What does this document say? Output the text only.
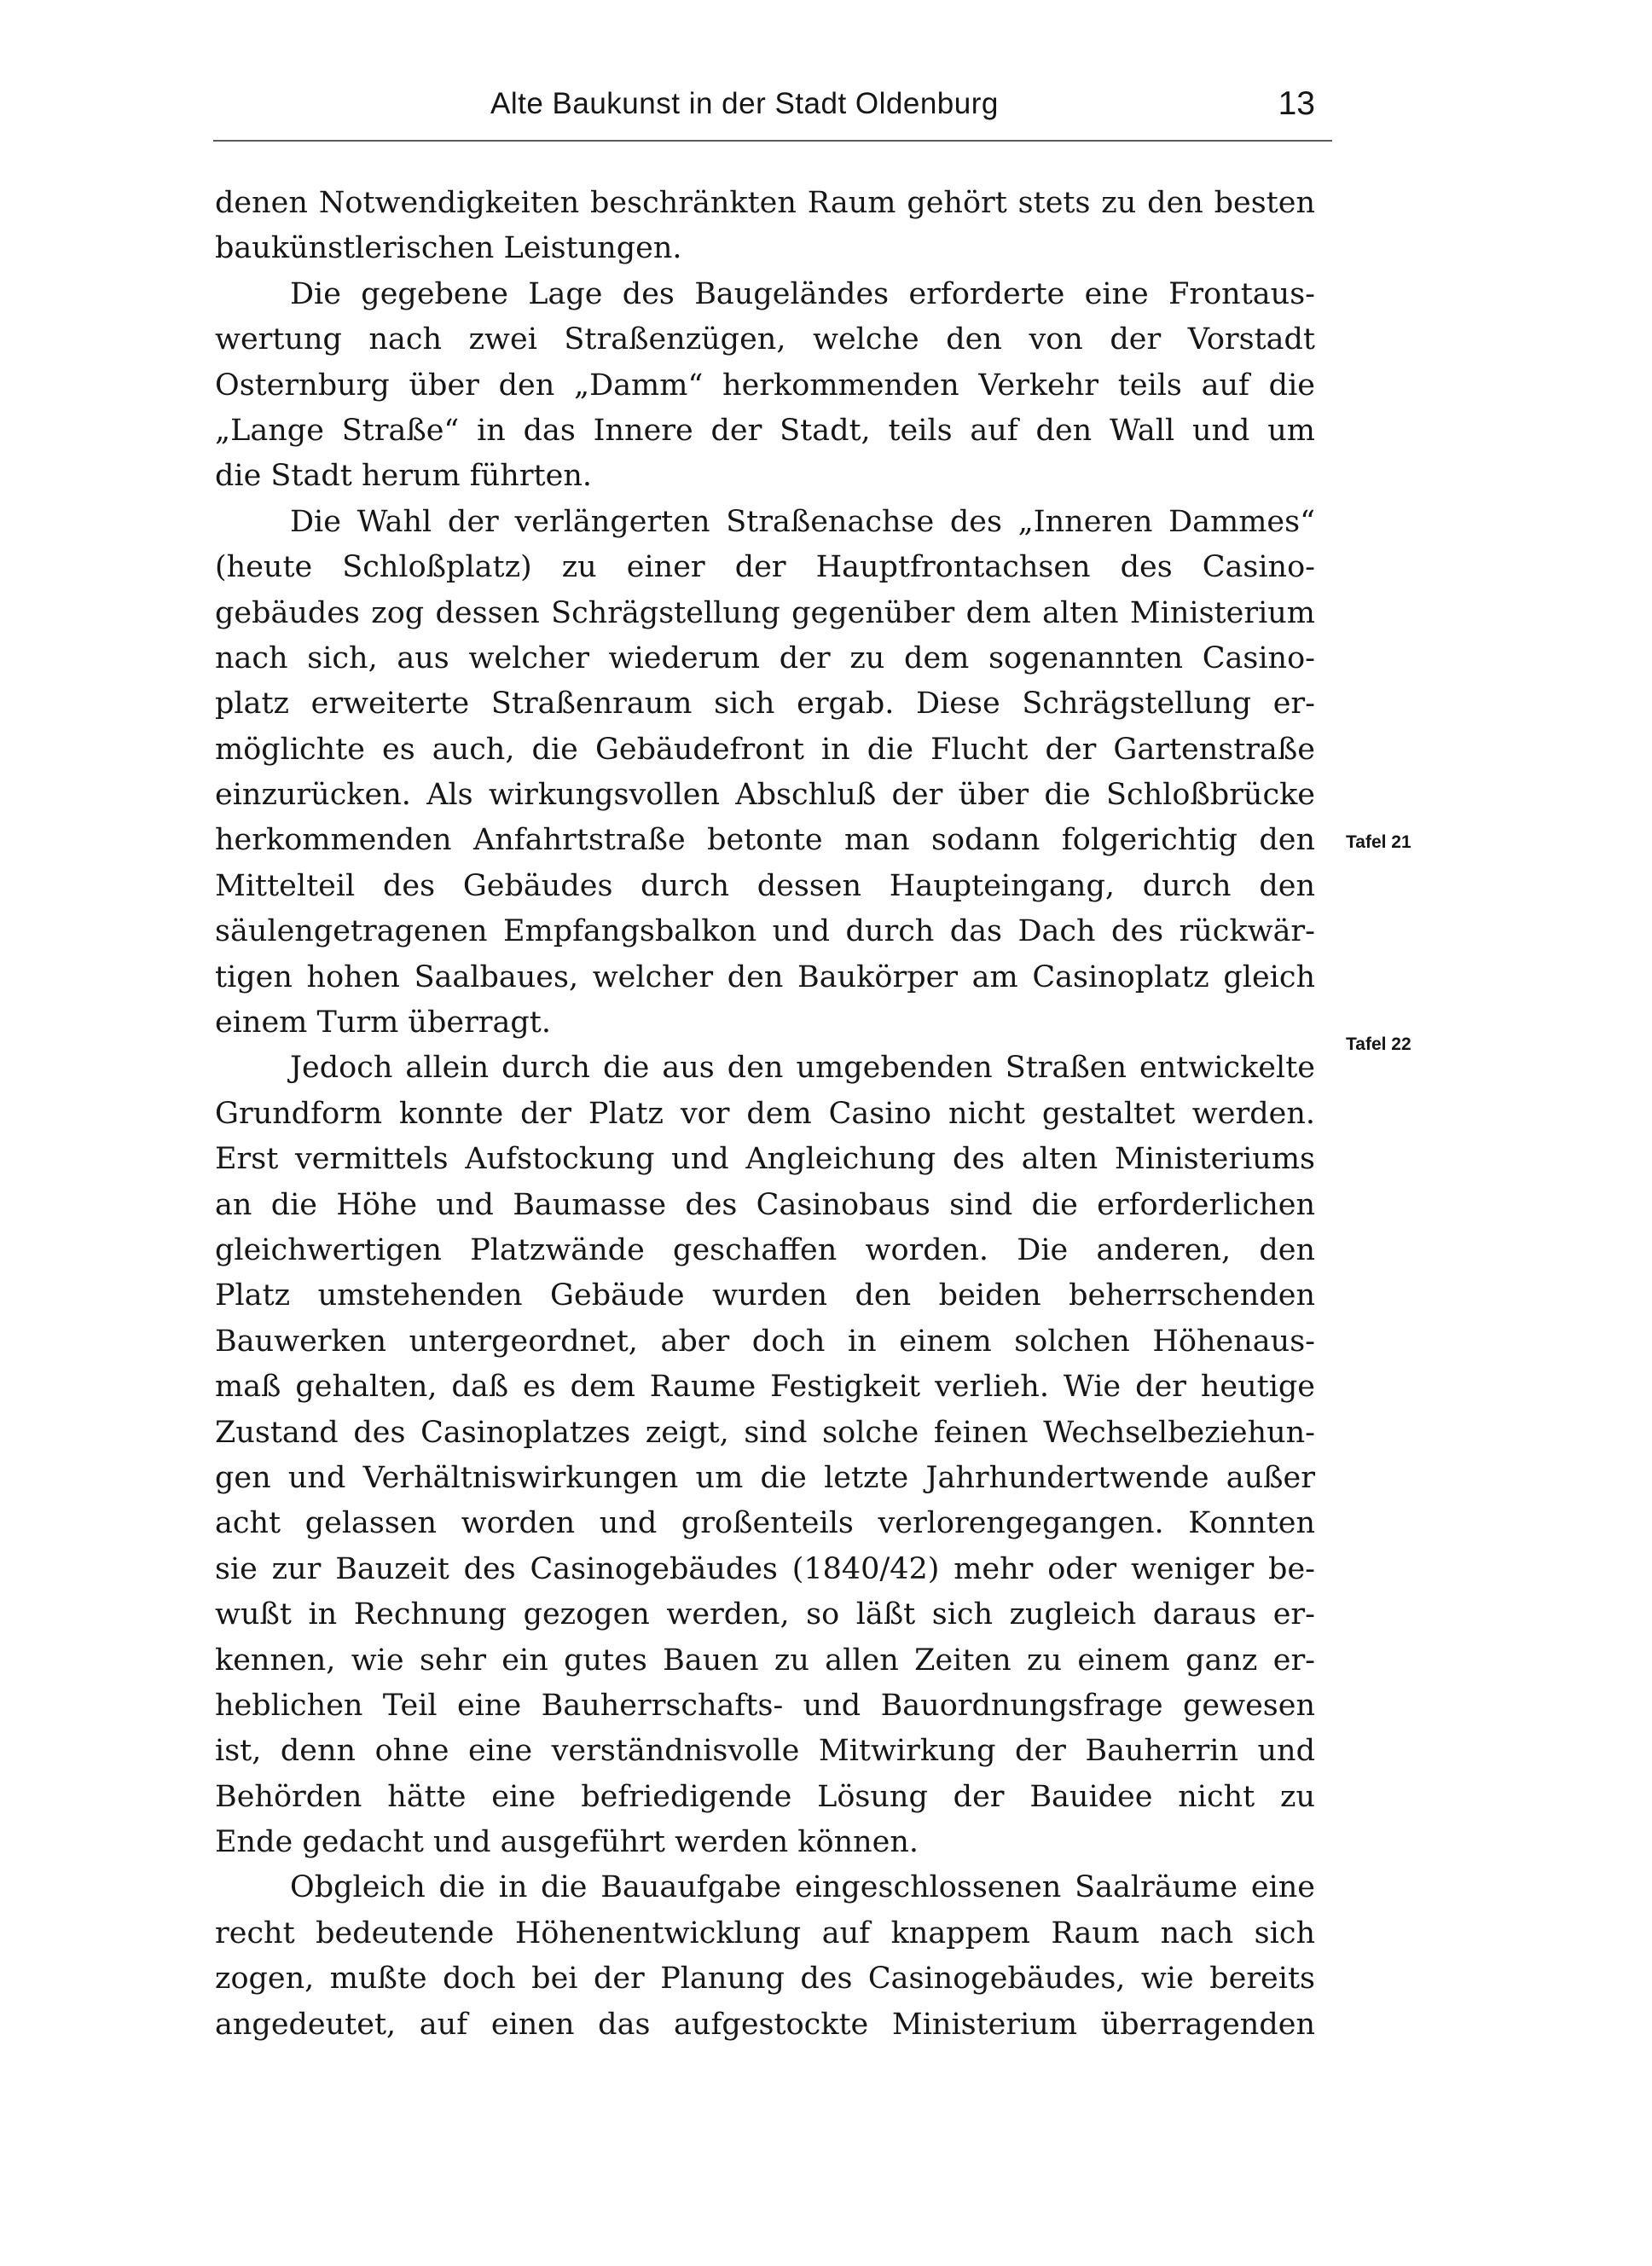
Alte Baukunst in der Stadt Oldenburg	13
denen Notwendigkeiten beschränkten Raum gehört stets zu den besten
baukünstlerischen Leistungen.
Die gegebene Lage des Baugeländes erforderte eine Frontaus-
wertung nach zwei Straßenzügen, welche den von der Vorstadt
Osternburg über den „Damm“ herkommenden Verkehr teils auf die
„Lange Straße“ in das Innere der Stadt, teils auf den Wall und um
die Stadt herum führten.
Die Wahl der verlängerten Straßenachse des „Inneren Dammes“
(heute Schloßplatz) zu einer der Hauptfrontachsen des Casino-
gebäudes zog dessen Schrägstellung gegenüber dem alten Ministerium
nach sich, aus welcher wiederum der zu dem sogenannten Casino-
platz erweiterte Straßenraum sich ergab. Diese Schrägstellung er-
möglichte es auch, die Gebäudefront in die Flucht der Gartenstraße
einzurücken. Als wirkungsvollen Abschluß der über die Schloßbrücke
herkommenden Anfahrtstraße betonte man sodann folgerichtig den
Mittelteil des Gebäudes durch dessen Haupteingang, durch den
säulengetragenen Empfangsbalkon und durch das Dach des rückwär-
tigen hohen Saalbaues, welcher den Baukörper am Casinoplatz gleich
einem Turm überragt.
Jedoch allein durch die aus den umgebenden Straßen entwickelte
Grundform konnte der Platz vor dem Casino nicht gestaltet werden.
Erst vermittels Aufstockung und Angleichung des alten Ministeriums
an die Höhe und Baumasse des Casinobaus sind die erforderlichen
gleichwertigen Platzwände geschaffen worden. Die anderen, den
Platz umstehenden Gebäude wurden den beiden beherrschenden
Bauwerken untergeordnet, aber doch in einem solchen Höhenaus-
maß gehalten, daß es dem Raume Festigkeit verlieh. Wie der heutige
Zustand des Casinoplatzes zeigt, sind solche feinen Wechselbeziehun-
gen und Verhältniswirkungen um die letzte Jahrhundertwende außer
acht gelassen worden und großenteils verlorengegangen. Konnten
sie zur Bauzeit des Casinogebäudes (1840/42) mehr oder weniger be-
wußt in Rechnung gezogen werden, so läßt sich zugleich daraus er-
kennen, wie sehr ein gutes Bauen zu allen Zeiten zu einem ganz er-
heblichen Teil eine Bauherrschafts- und Bauordnungsfrage gewesen
ist, denn ohne eine verständnisvolle Mitwirkung der Bauherrin und
Behörden hätte eine befriedigende Lösung der Bauidee nicht zu
Ende gedacht und ausgeführt werden können.
Obgleich die in die Bauaufgabe eingeschlossenen Saalräume eine
recht bedeutende Höhenentwicklung auf knappem Raum nach sich
zogen, mußte doch bei der Planung des Casinogebäudes, wie bereits
angedeutet, auf einen das aufgestockte Ministerium überragenden
Tafel 21
Tafel 22
